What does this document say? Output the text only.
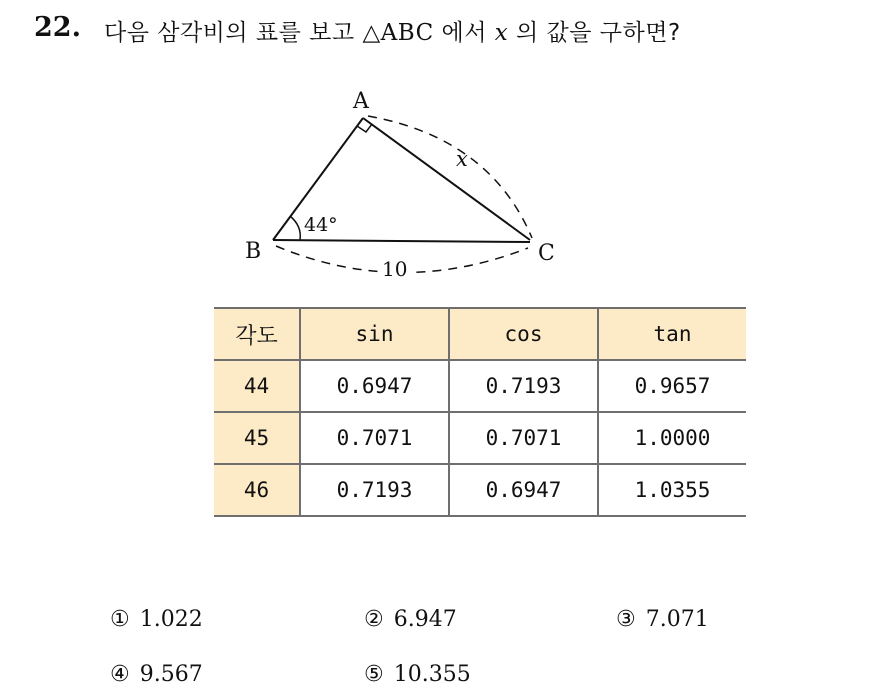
22. 다음 삼각비의 표를 보고 △ABC 에서 x 의 값을 구하면?
A
B	C
44°
x
10
각도	sin	cos	tan
44	0.6947	0.7193	0.9657
45	0.7071	0.7071	1.0000
46	0.7193	0.6947	1.0355
① 1.022	② 6.947	③ 7.071
④ 9.567	⑤ 10.355
